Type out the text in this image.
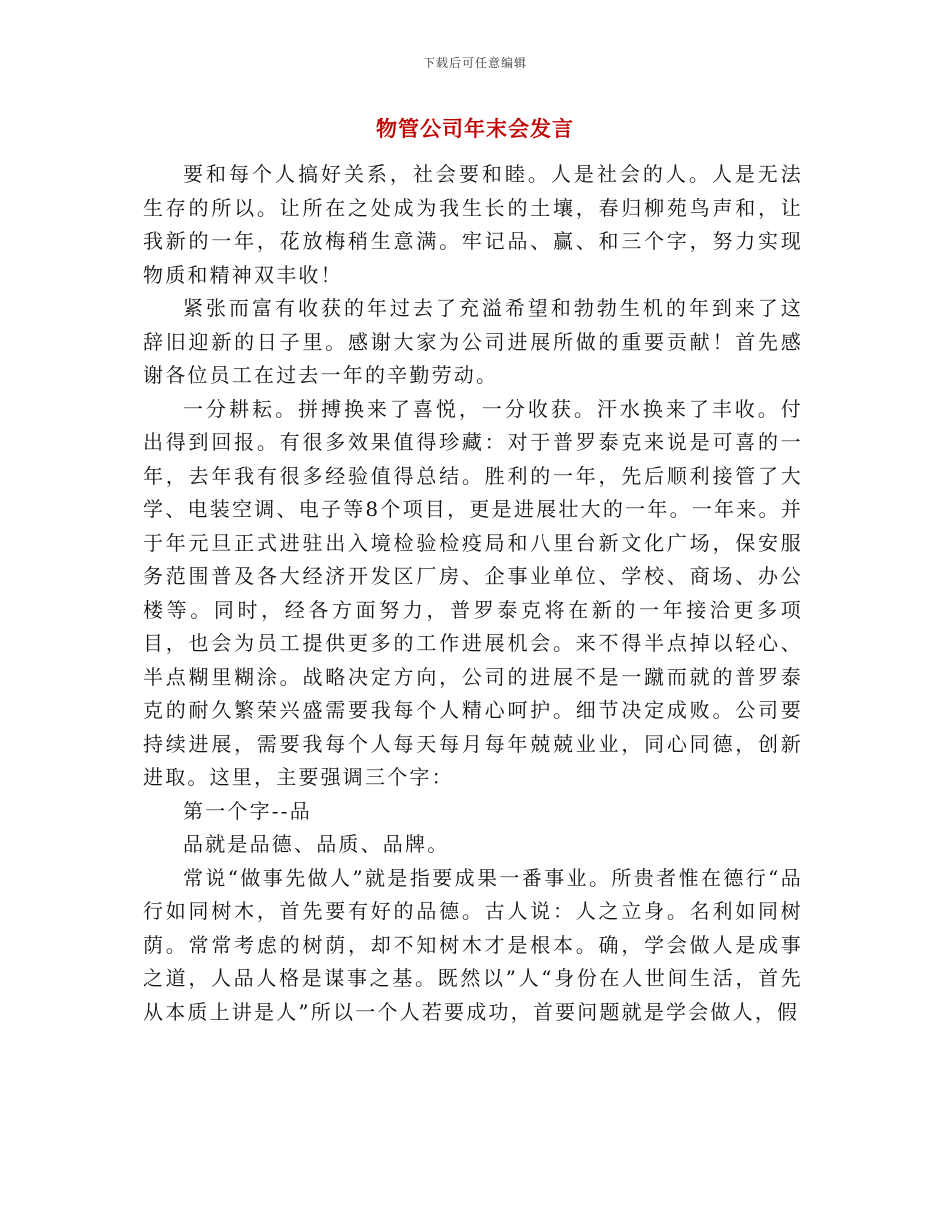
下载后可任意编辑
物管公司年末会发言

要和每个人搞好关系，社会要和睦。人是社会的人。人是无法生存的所以。让所在之处成为我生长的土壤，春归柳苑鸟声和，让我新的一年，花放梅稍生意满。牢记品、赢、和三个字，努力实现物质和精神双丰收！

紧张而富有收获的年过去了充溢希望和勃勃生机的年到来了这辞旧迎新的日子里。感谢大家为公司进展所做的重要贡献！首先感谢各位员工在过去一年的辛勤劳动。

一分耕耘。拼搏换来了喜悦，一分收获。汗水换来了丰收。付出得到回报。有很多效果值得珍藏：对于普罗泰克来说是可喜的一年，去年我有很多经验值得总结。胜利的一年，先后顺利接管了大学、电装空调、电子等8个项目，更是进展壮大的一年。一年来。并于年元旦正式进驻出入境检验检疫局和八里台新文化广场，保安服务范围普及各大经济开发区厂房、企事业单位、学校、商场、办公楼等。同时，经各方面努力，普罗泰克将在新的一年接洽更多项目，也会为员工提供更多的工作进展机会。来不得半点掉以轻心、半点糊里糊涂。战略决定方向，公司的进展不是一蹴而就的普罗泰克的耐久繁荣兴盛需要我每个人精心呵护。细节决定成败。公司要持续进展，需要我每个人每天每月每年兢兢业业，同心同德，创新进取。这里，主要强调三个字：

第一个字--品

品就是品德、品质、品牌。

常说“做事先做人”就是指要成果一番事业。所贵者惟在德行“品行如同树木，首先要有好的品德。古人说：人之立身。名利如同树荫。常常考虑的树荫，却不知树木才是根本。确，学会做人是成事之道，人品人格是谋事之基。既然以”人“身份在人世间生活，首先从本质上讲是人”所以一个人若要成功，首要问题就是学会做人，假
